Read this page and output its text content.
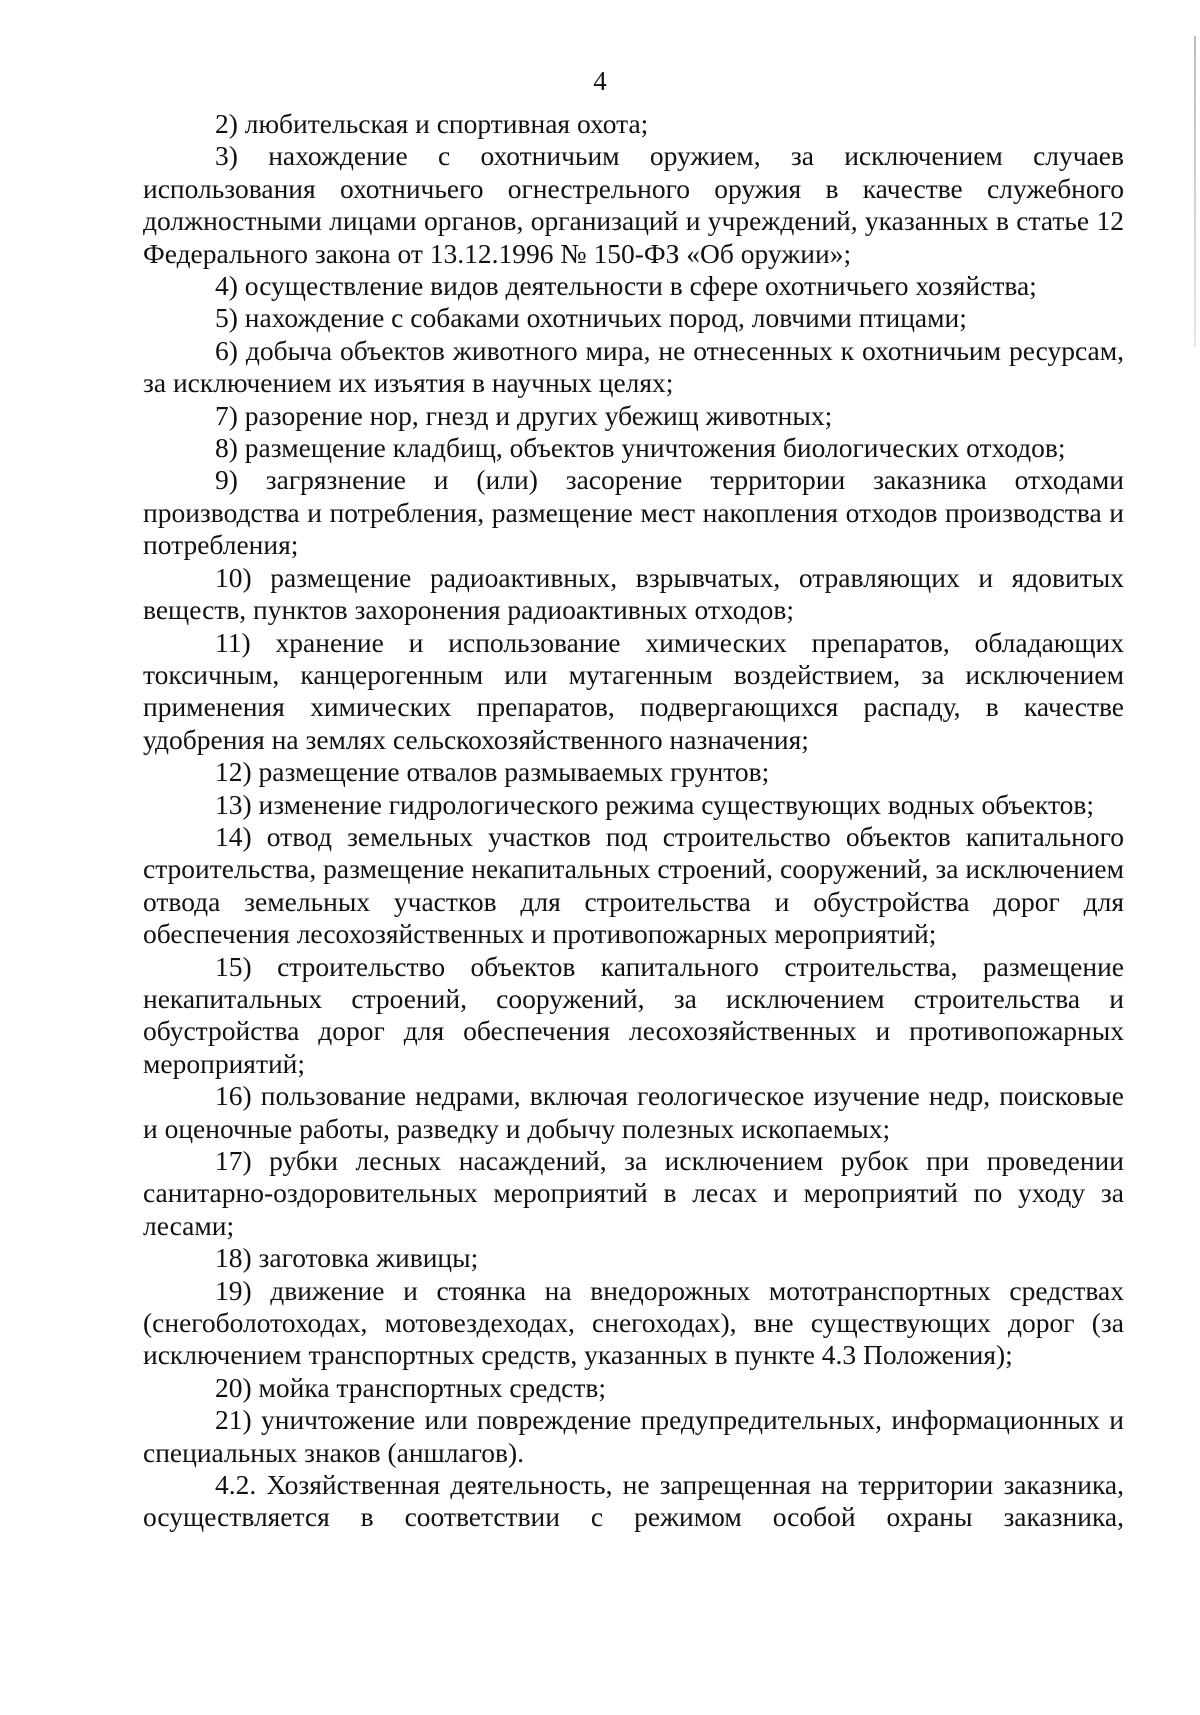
4

2) любительская и спортивная охота;

3) нахождение с охотничьим оружием, за исключением случаев использования охотничьего огнестрельного оружия в качестве служебного должностными лицами органов, организаций и учреждений, указанных в статье 12 Федерального закона от 13.12.1996 № 150-ФЗ «Об оружии»;

4) осуществление видов деятельности в сфере охотничьего хозяйства;

5) нахождение с собаками охотничьих пород, ловчими птицами;

6) добыча объектов животного мира, не отнесенных к охотничьим ресурсам, за исключением их изъятия в научных целях;

7) разорение нор, гнезд и других убежищ животных;

8) размещение кладбищ, объектов уничтожения биологических отходов;

9) загрязнение и (или) засорение территории заказника отходами производства и потребления, размещение мест накопления отходов производства и потребления;

10) размещение радиоактивных, взрывчатых, отравляющих и ядовитых веществ, пунктов захоронения радиоактивных отходов;

11) хранение и использование химических препаратов, обладающих токсичным, канцерогенным или мутагенным воздействием, за исключением применения химических препаратов, подвергающихся распаду, в качестве удобрения на землях сельскохозяйственного назначения;

12) размещение отвалов размываемых грунтов;

13) изменение гидрологического режима существующих водных объектов;

14) отвод земельных участков под строительство объектов капитального строительства, размещение некапитальных строений, сооружений, за исключением отвода земельных участков для строительства и обустройства дорог для обеспечения лесохозяйственных и противопожарных мероприятий;

15) строительство объектов капитального строительства, размещение некапитальных строений, сооружений, за исключением строительства и обустройства дорог для обеспечения лесохозяйственных и противопожарных мероприятий;

16) пользование недрами, включая геологическое изучение недр, поисковые и оценочные работы, разведку и добычу полезных ископаемых;

17) рубки лесных насаждений, за исключением рубок при проведении санитарно-оздоровительных мероприятий в лесах и мероприятий по уходу за лесами;

18) заготовка живицы;

19) движение и стоянка на внедорожных мототранспортных средствах (снегоболотоходах, мотовездеходах, снегоходах), вне существующих дорог (за исключением транспортных средств, указанных в пункте 4.3 Положения);

20) мойка транспортных средств;

21) уничтожение или повреждение предупредительных, информационных и специальных знаков (аншлагов).

4.2. Хозяйственная деятельность, не запрещенная на территории заказника, осуществляется в соответствии с режимом особой охраны заказника,
